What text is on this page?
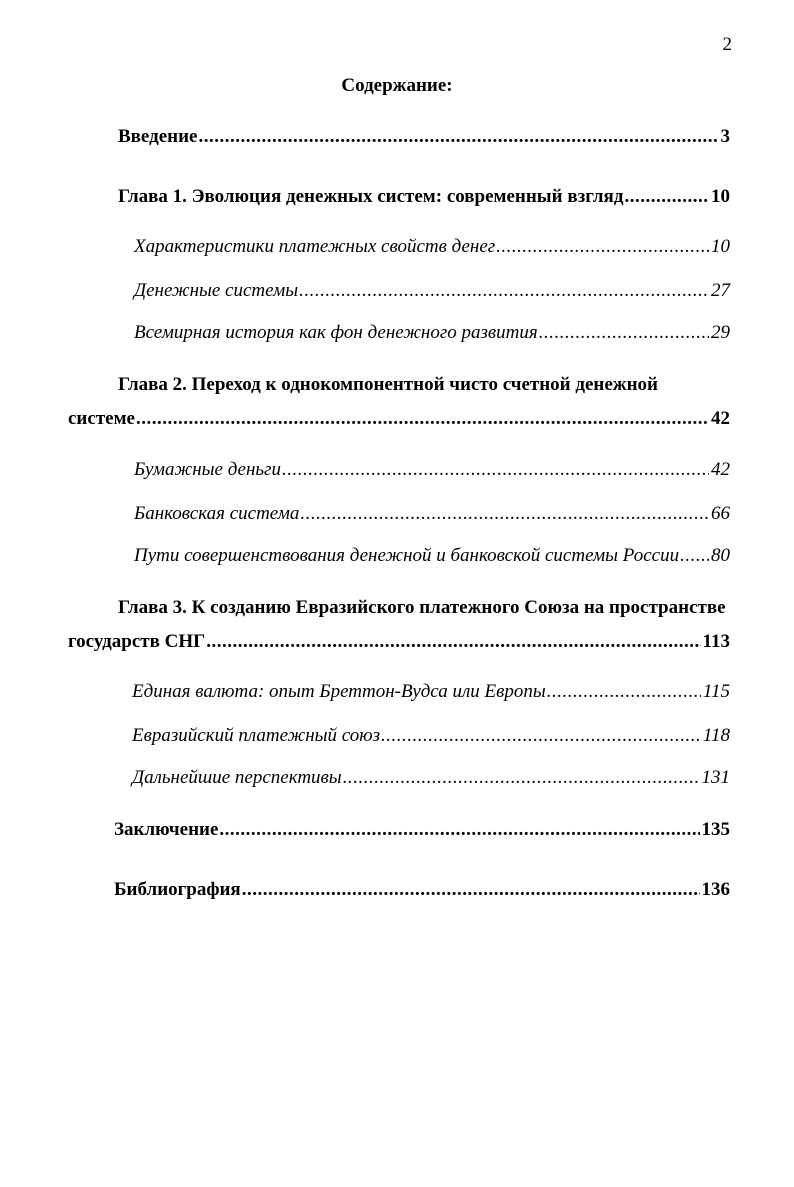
2
Содержание:
Введение .....	3
Глава 1. Эволюция денежных систем: современный взгляд .....	10
Характеристики платежных свойств денег .....	10
Денежные системы .....	27
Всемирная история как фон денежного развития .....	29
Глава 2. Переход к однокомпонентной чисто счетной денежной
системе .....	42
Бумажные деньги .....	42
Банковская система .....	66
Пути совершенствования денежной и банковской системы России ..... 80
Глава 3. К созданию Евразийского платежного Союза на пространстве
государств СНГ .....	113
Единая валюта: опыт Бреттон-Вудса или Европы .....	115
Евразийский платежный союз .....	118
Дальнейшие перспективы .....	131
Заключение .....	135
Библиография .....	136
